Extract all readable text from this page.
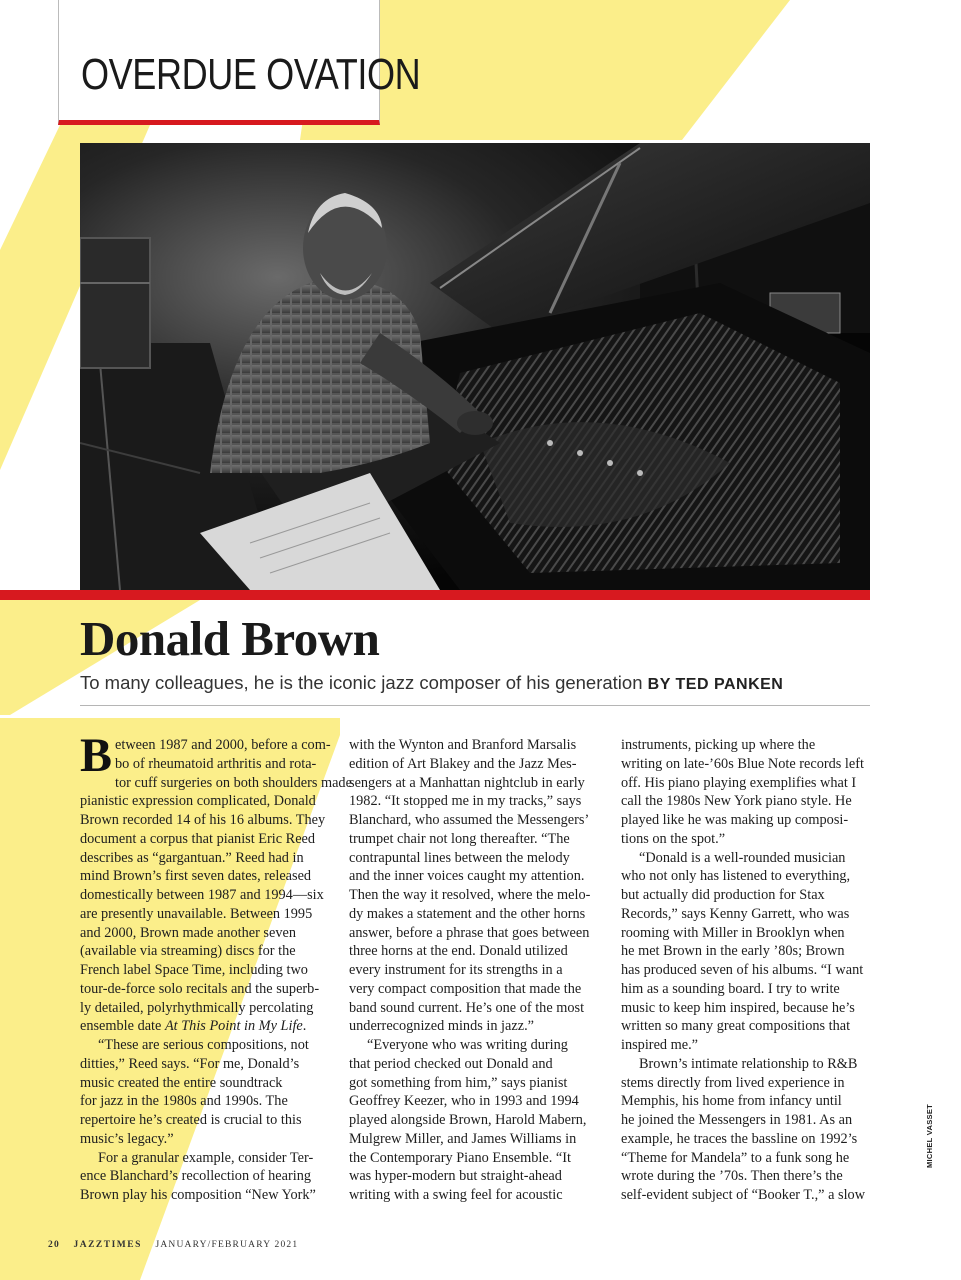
OVERDUE OVATION
Donald Brown
To many colleagues, he is the iconic jazz composer of his generation BY TED PANKEN

B etween 1987 and 2000, before a com-
bo of rheumatoid arthritis and rota-
tor cuff surgeries on both shoulders made
pianistic expression complicated, Donald
Brown recorded 14 of his 16 albums. They
document a corpus that pianist Eric Reed
describes as “gargantuan.” Reed had in
mind Brown’s first seven dates, released
domestically between 1987 and 1994—six
are presently unavailable. Between 1995
and 2000, Brown made another seven
(available via streaming) discs for the
French label Space Time, including two
tour-de-force solo recitals and the superb-
ly detailed, polyrhythmically percolating
ensemble date At This Point in My Life.

“These are serious compositions, not
ditties,” Reed says. “For me, Donald’s
music created the entire soundtrack
for jazz in the 1980s and 1990s. The
repertoire he’s created is crucial to this
music’s legacy.”

For a granular example, consider Ter-
ence Blanchard’s recollection of hearing
Brown play his composition “New York”

with the Wynton and Branford Marsalis
edition of Art Blakey and the Jazz Mes-
sengers at a Manhattan nightclub in early
1982. “It stopped me in my tracks,” says
Blanchard, who assumed the Messengers’
trumpet chair not long thereafter. “The
contrapuntal lines between the melody
and the inner voices caught my attention.
Then the way it resolved, where the melo-
dy makes a statement and the other horns
answer, before a phrase that goes between
three horns at the end. Donald utilized
every instrument for its strengths in a
very compact composition that made the
band sound current. He’s one of the most
underrecognized minds in jazz.”

“Everyone who was writing during
that period checked out Donald and
got something from him,” says pianist
Geoffrey Keezer, who in 1993 and 1994
played alongside Brown, Harold Mabern,
Mulgrew Miller, and James Williams in
the Contemporary Piano Ensemble. “It
was hyper-modern but straight-ahead
writing with a swing feel for acoustic

instruments, picking up where the
writing on late-’60s Blue Note records left
off. His piano playing exemplifies what I
call the 1980s New York piano style. He
played like he was making up composi-
tions on the spot.”

“Donald is a well-rounded musician
who not only has listened to everything,
but actually did production for Stax
Records,” says Kenny Garrett, who was
rooming with Miller in Brooklyn when
he met Brown in the early ’80s; Brown
has produced seven of his albums. “I want
him as a sounding board. I try to write
music to keep him inspired, because he’s
written so many great compositions that
inspired me.”

Brown’s intimate relationship to R&B
stems directly from lived experience in
Memphis, his home from infancy until
he joined the Messengers in 1981. As an
example, he traces the bassline on 1992’s
“Theme for Mandela” to a funk song he
wrote during the ’70s. Then there’s the
self-evident subject of “Booker T.,” a slow

MICHEL VASSET
20 JAZZTIMES JANUARY/FEBRUARY 2021
